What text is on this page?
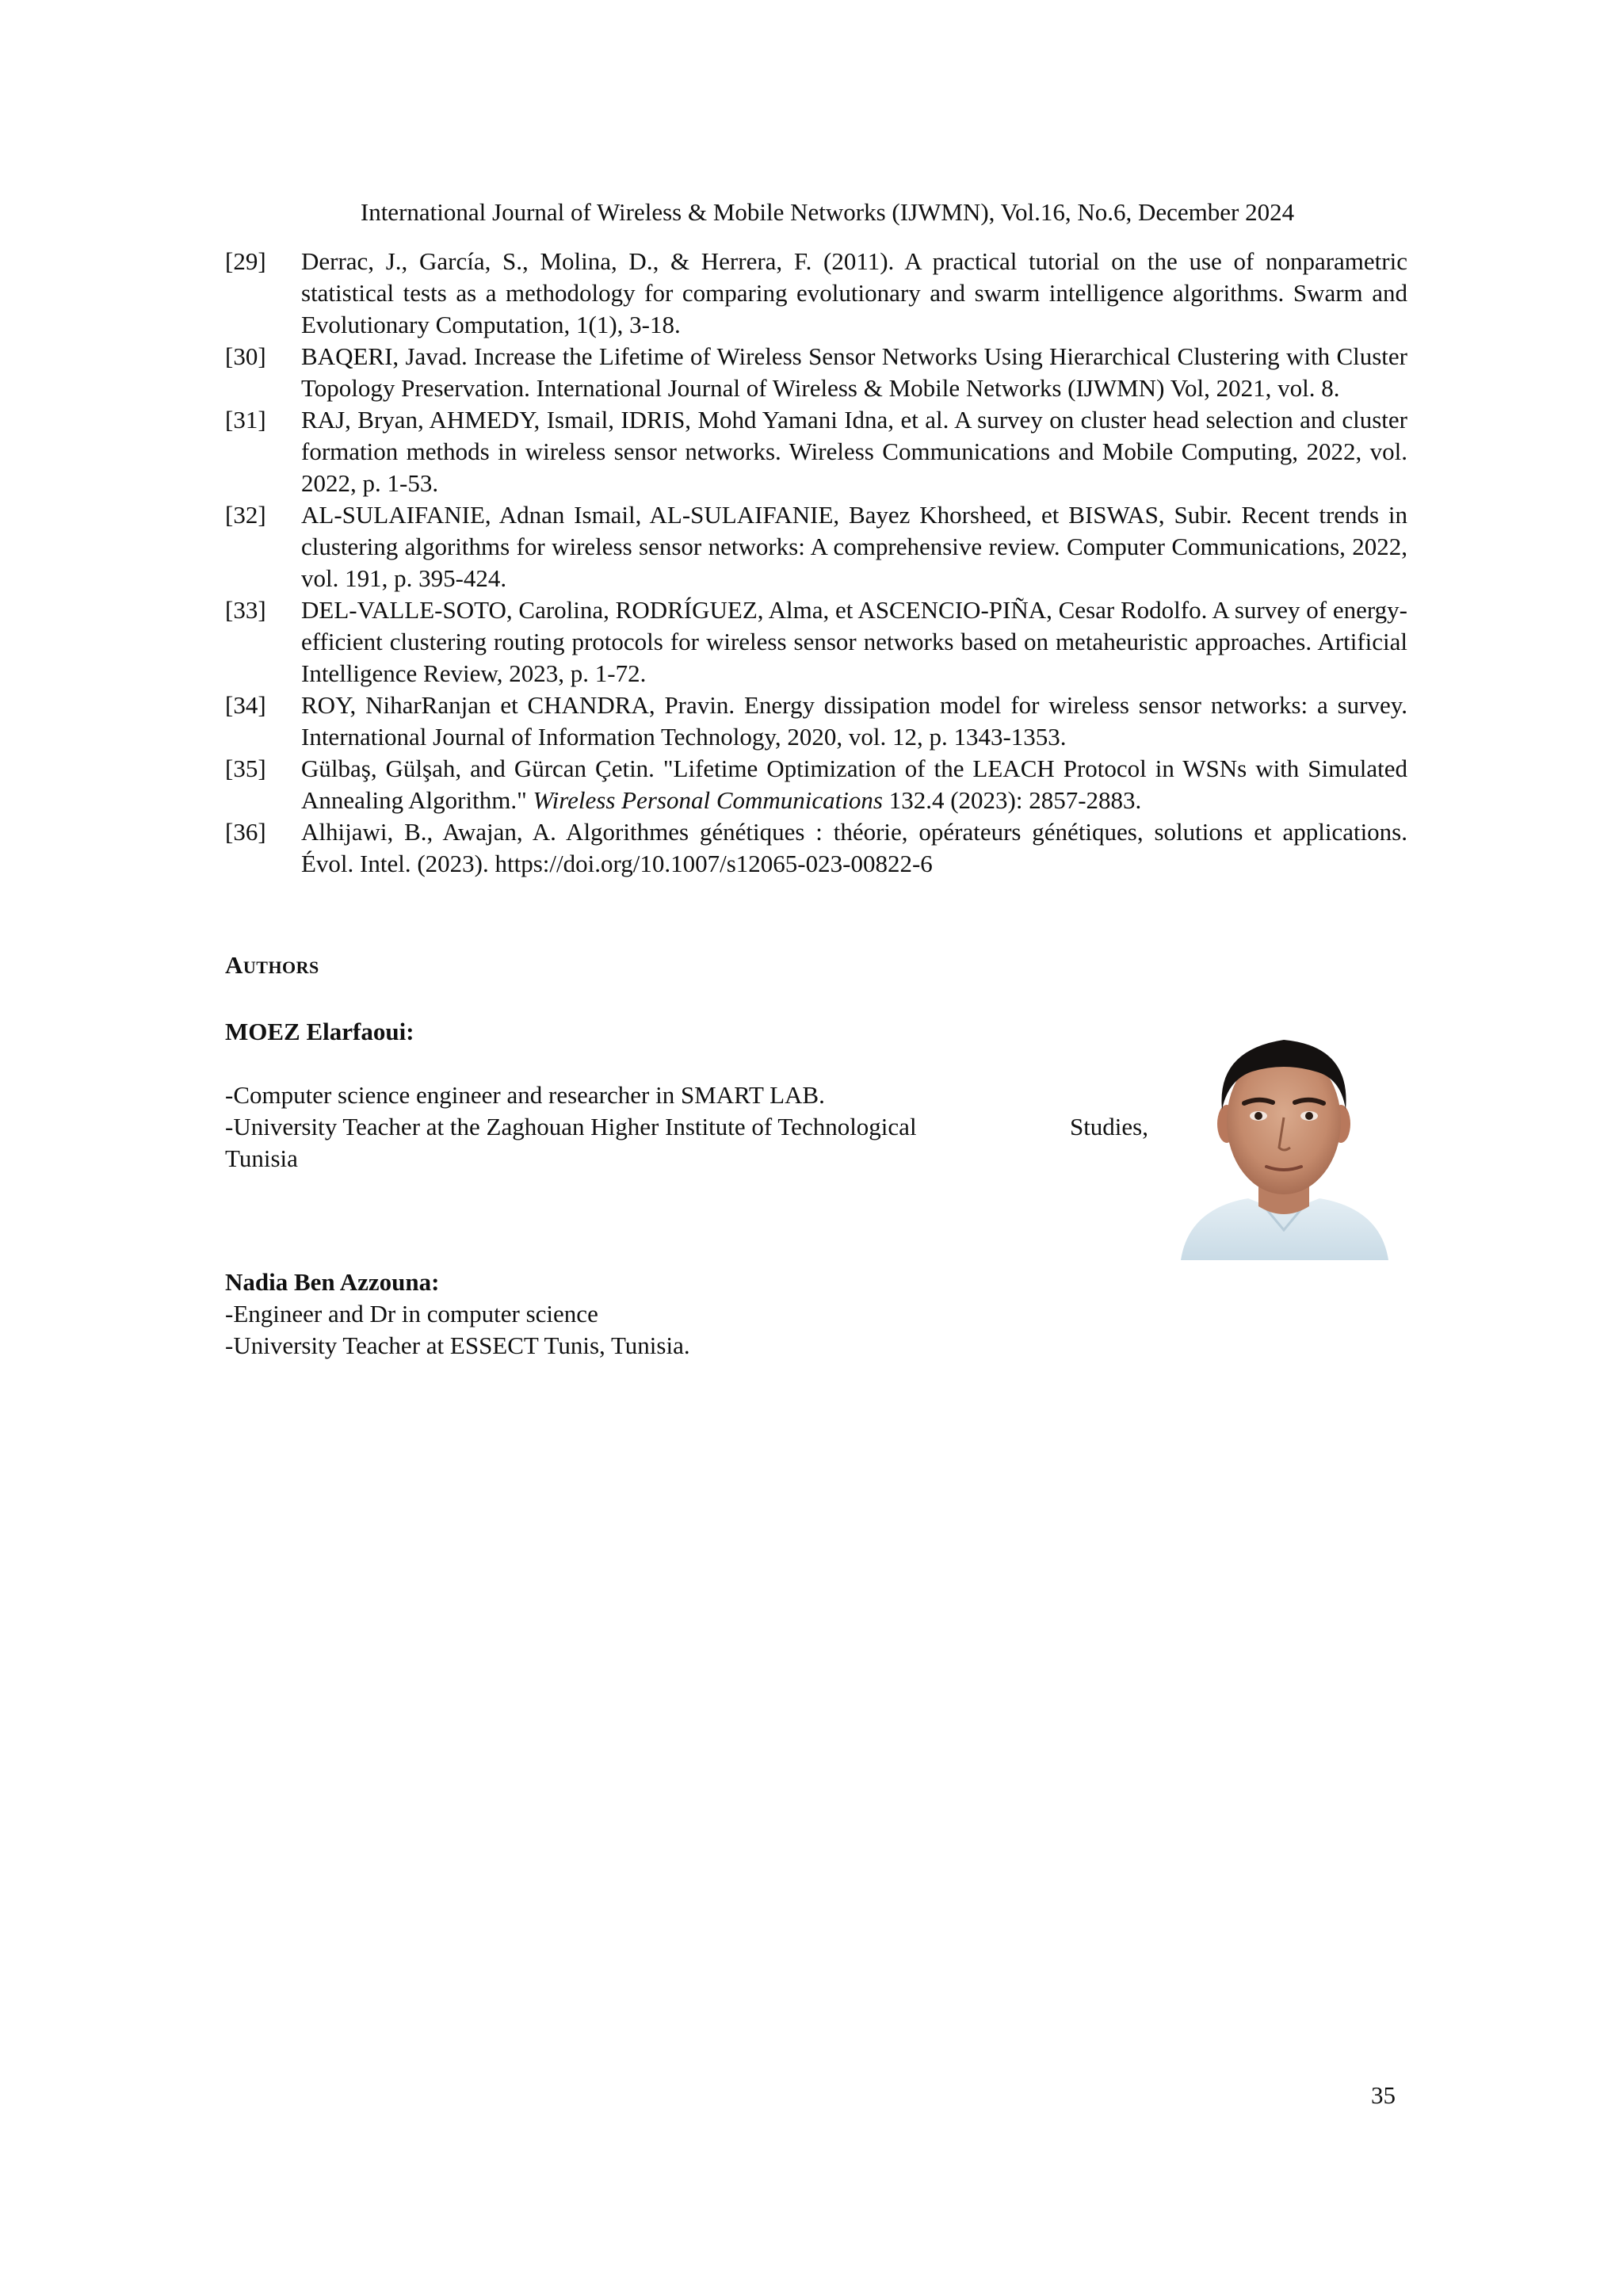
International Journal of Wireless & Mobile Networks (IJWMN), Vol.16, No.6, December 2024
[29]	Derrac, J., García, S., Molina, D., & Herrera, F. (2011). A practical tutorial on the use of nonparametric statistical tests as a methodology for comparing evolutionary and swarm intelligence algorithms. Swarm and Evolutionary Computation, 1(1), 3-18.
[30]	BAQERI, Javad. Increase the Lifetime of Wireless Sensor Networks Using Hierarchical Clustering with Cluster Topology Preservation. International Journal of Wireless & Mobile Networks (IJWMN) Vol, 2021, vol. 8.
[31]	RAJ, Bryan, AHMEDY, Ismail, IDRIS, Mohd Yamani Idna, et al. A survey on cluster head selection and cluster formation methods in wireless sensor networks. Wireless Communications and Mobile Computing, 2022, vol. 2022, p. 1-53.
[32]	AL-SULAIFANIE, Adnan Ismail, AL-SULAIFANIE, Bayez Khorsheed, et BISWAS, Subir. Recent trends in clustering algorithms for wireless sensor networks: A comprehensive review. Computer Communications, 2022, vol. 191, p. 395-424.
[33]	DEL-VALLE-SOTO, Carolina, RODRÍGUEZ, Alma, et ASCENCIO-PIÑA, Cesar Rodolfo. A survey of energy-efficient clustering routing protocols for wireless sensor networks based on metaheuristic approaches. Artificial Intelligence Review, 2023, p. 1-72.
[34]	ROY, NiharRanjan et CHANDRA, Pravin. Energy dissipation model for wireless sensor networks: a survey. International Journal of Information Technology, 2020, vol. 12, p. 1343-1353.
[35]	Gülbaş, Gülşah, and Gürcan Çetin. "Lifetime Optimization of the LEACH Protocol in WSNs with Simulated Annealing Algorithm." Wireless Personal Communications 132.4 (2023): 2857-2883.
[36]	Alhijawi, B., Awajan, A. Algorithmes génétiques : théorie, opérateurs génétiques, solutions et applications. Évol. Intel. (2023). https://doi.org/10.1007/s12065-023-00822-6
Authors
MOEZ Elarfaoui:
-Computer science engineer and researcher in SMART LAB.
-University Teacher at the Zaghouan Higher Institute of Technological	Studies,
Tunisia
Nadia Ben Azzouna:
-Engineer and Dr in computer science
-University Teacher at ESSECT Tunis, Tunisia.
35
